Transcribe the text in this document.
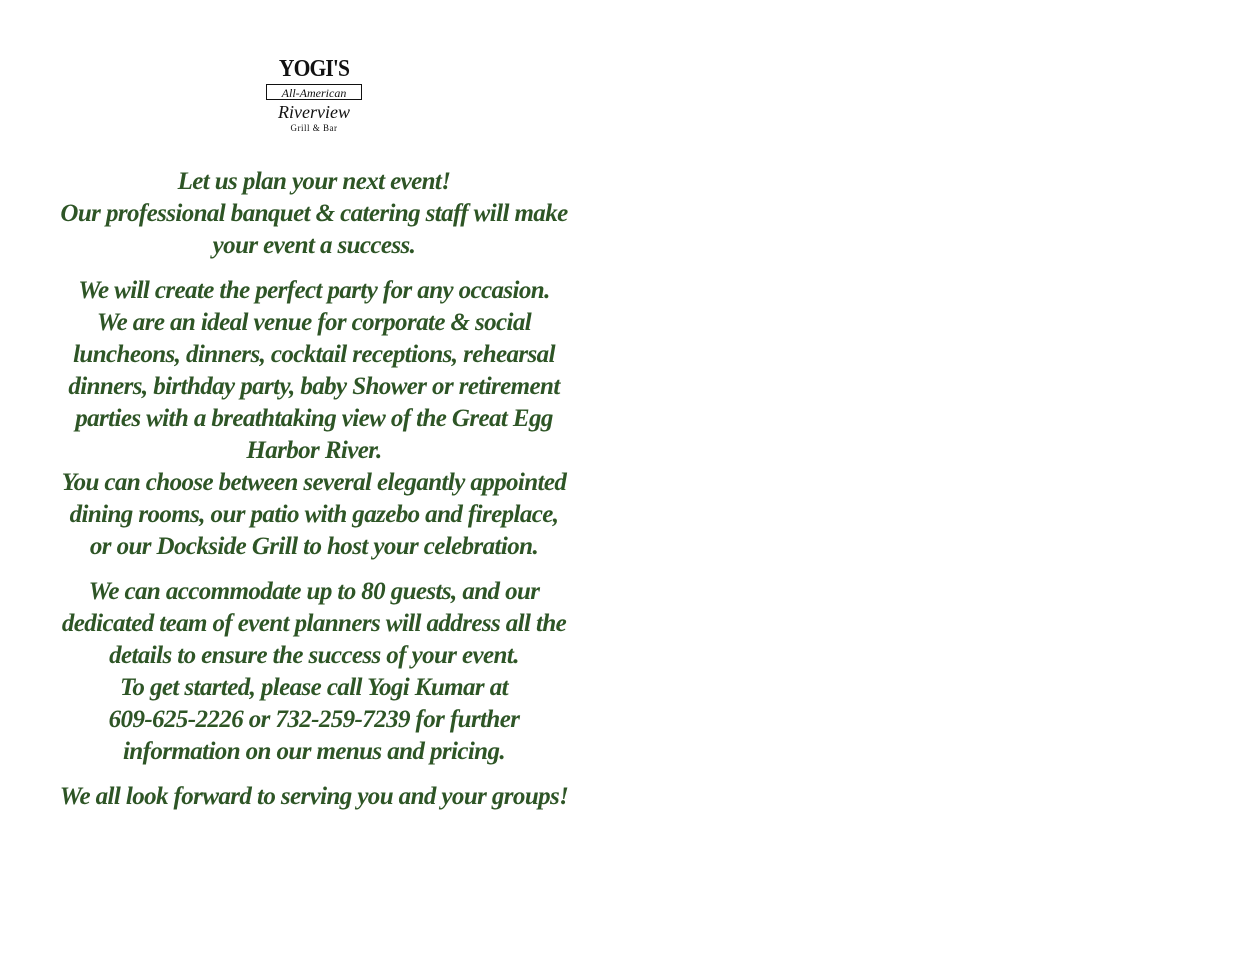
YOGI'S
All-American
Riverview
Grill & Bar
Let us plan your next event!
Our professional banquet & catering staff will make
your event a success.
We will create the perfect party for any occasion.
We are an ideal venue for corporate & social
luncheons, dinners, cocktail receptions, rehearsal
dinners, birthday party, baby Shower or retirement
parties with a breathtaking view of the Great Egg
Harbor River.
You can choose between several elegantly appointed
dining rooms, our patio with gazebo and fireplace,
or our Dockside Grill to host your celebration.
We can accommodate up to 80 guests, and our
dedicated team of event planners will address all the
details to ensure the success of your event.
To get started, please call Yogi Kumar at
609-625-2226 or 732-259-7239 for further
information on our menus and pricing.
We all look forward to serving you and your groups!
